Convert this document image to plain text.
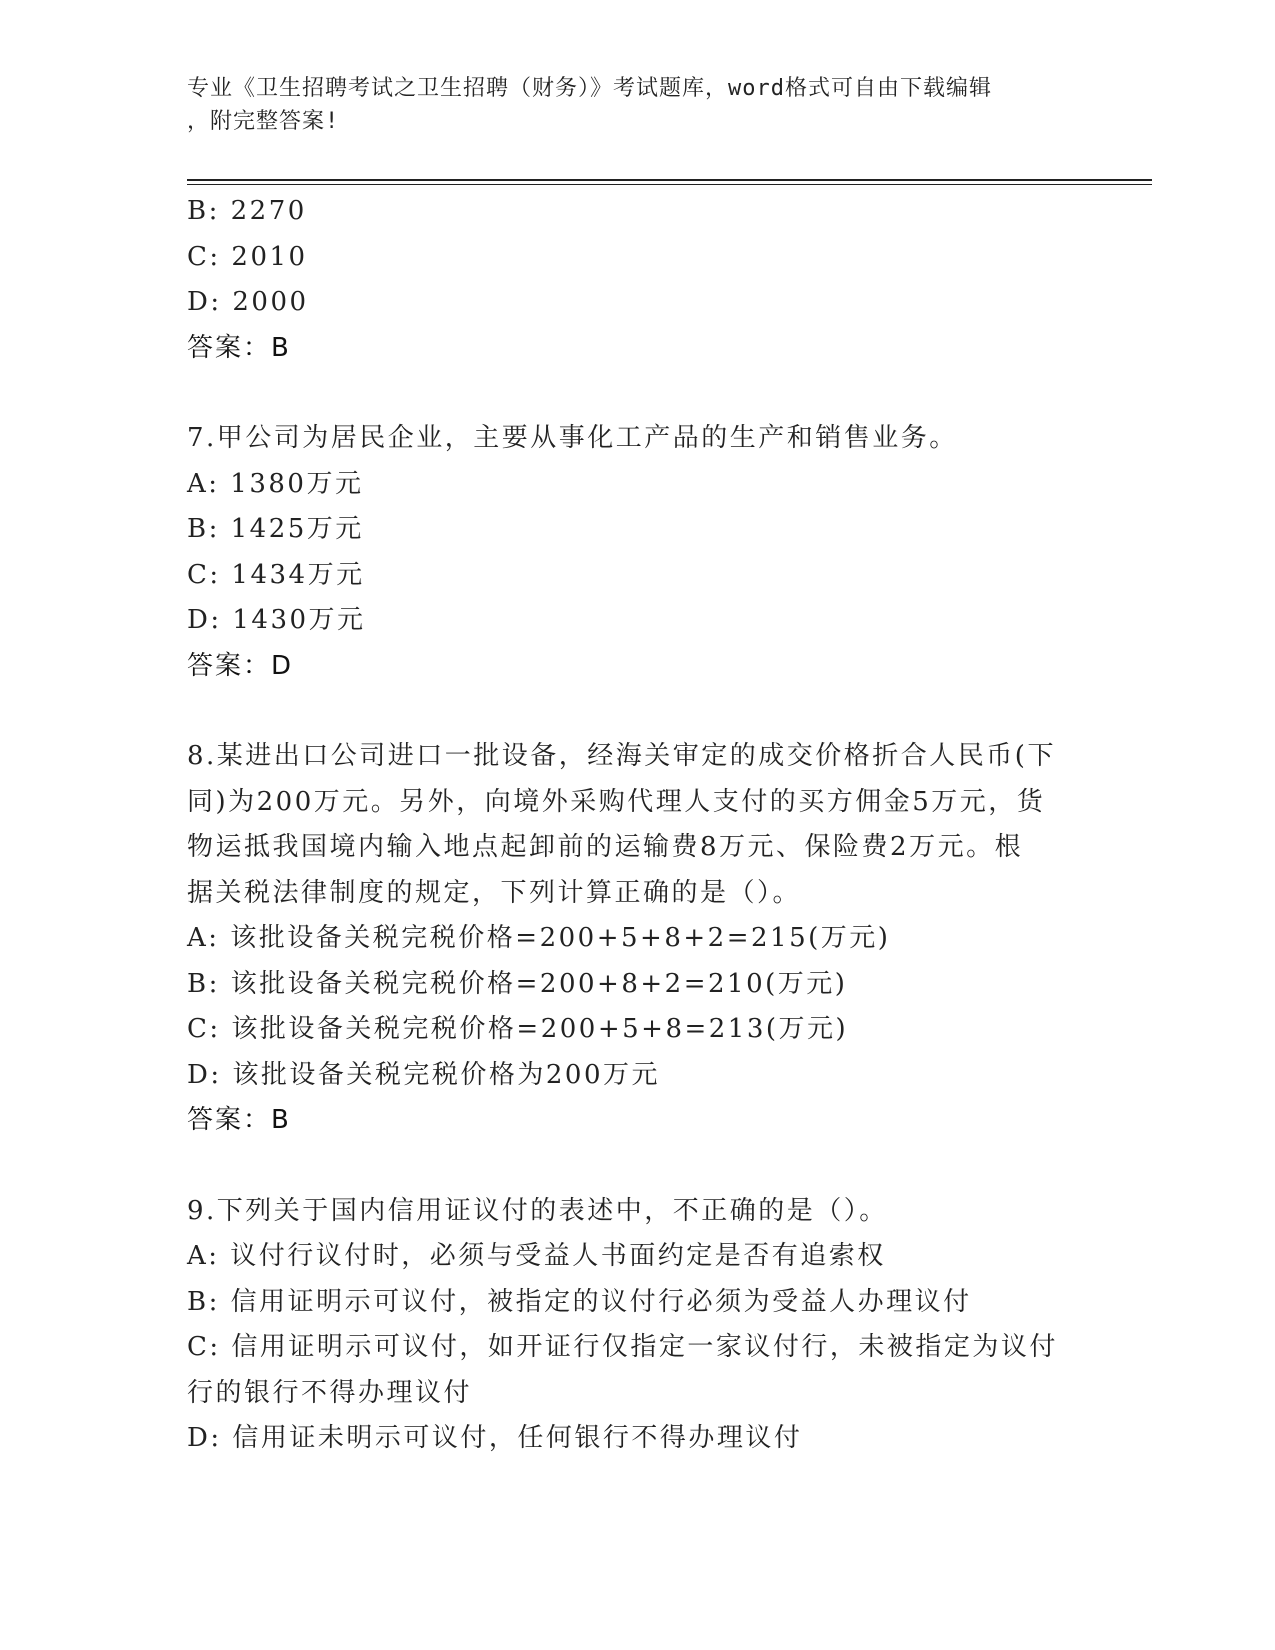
专业《卫生招聘考试之卫生招聘（财务）》考试题库，word格式可自由下载编辑
，附完整答案!
B: 2270
C: 2010
D: 2000
答案：B
7.甲公司为居民企业，主要从事化工产品的生产和销售业务。
A: 1380万元
B: 1425万元
C: 1434万元
D: 1430万元
答案：D
8.某进出口公司进口一批设备，经海关审定的成交价格折合人民币(下
同)为200万元。另外，向境外采购代理人支付的买方佣金5万元，货
物运抵我国境内输入地点起卸前的运输费8万元、保险费2万元。根
据关税法律制度的规定，下列计算正确的是（）。
A: 该批设备关税完税价格=200+5+8+2=215(万元)
B: 该批设备关税完税价格=200+8+2=210(万元)
C: 该批设备关税完税价格=200+5+8=213(万元)
D: 该批设备关税完税价格为200万元
答案：B
9.下列关于国内信用证议付的表述中，不正确的是（）。
A: 议付行议付时，必须与受益人书面约定是否有追索权
B: 信用证明示可议付，被指定的议付行必须为受益人办理议付
C: 信用证明示可议付，如开证行仅指定一家议付行，未被指定为议付
行的银行不得办理议付
D: 信用证未明示可议付，任何银行不得办理议付
